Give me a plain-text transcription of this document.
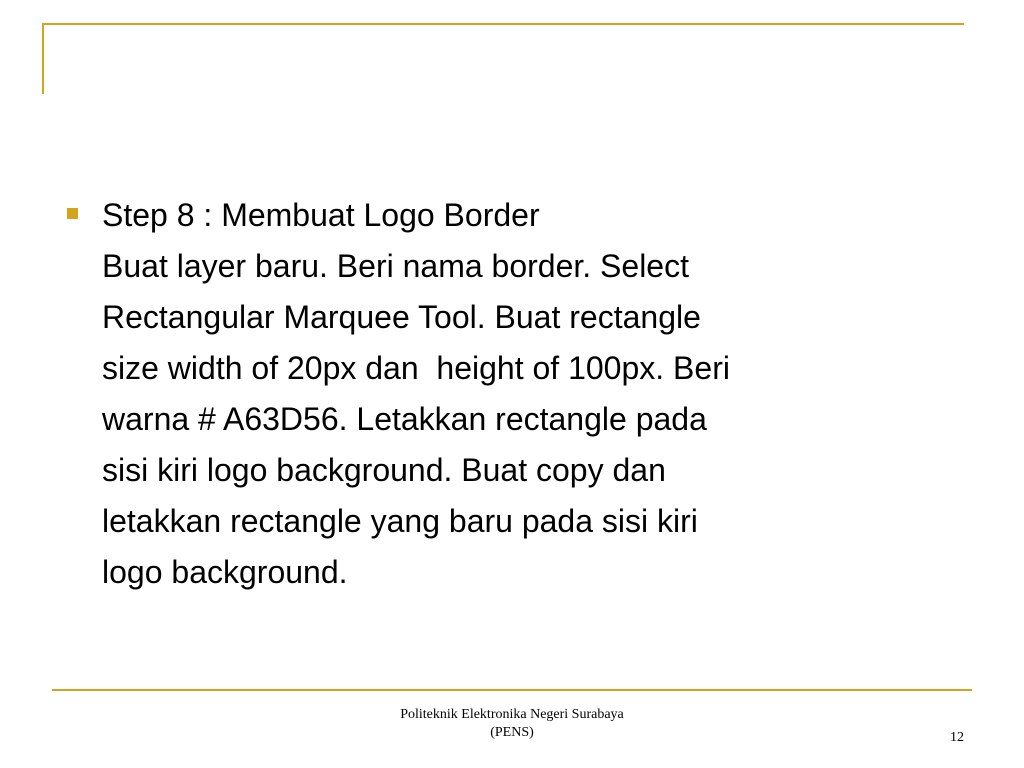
Step 8 : Membuat Logo Border
Buat layer baru. Beri nama border. Select
Rectangular Marquee Tool. Buat rectangle
size width of 20px dan  height of 100px. Beri
warna # A63D56. Letakkan rectangle pada
sisi kiri logo background. Buat copy dan
letakkan rectangle yang baru pada sisi kiri
logo background.
Politeknik Elektronika Negeri Surabaya
(PENS)	12
